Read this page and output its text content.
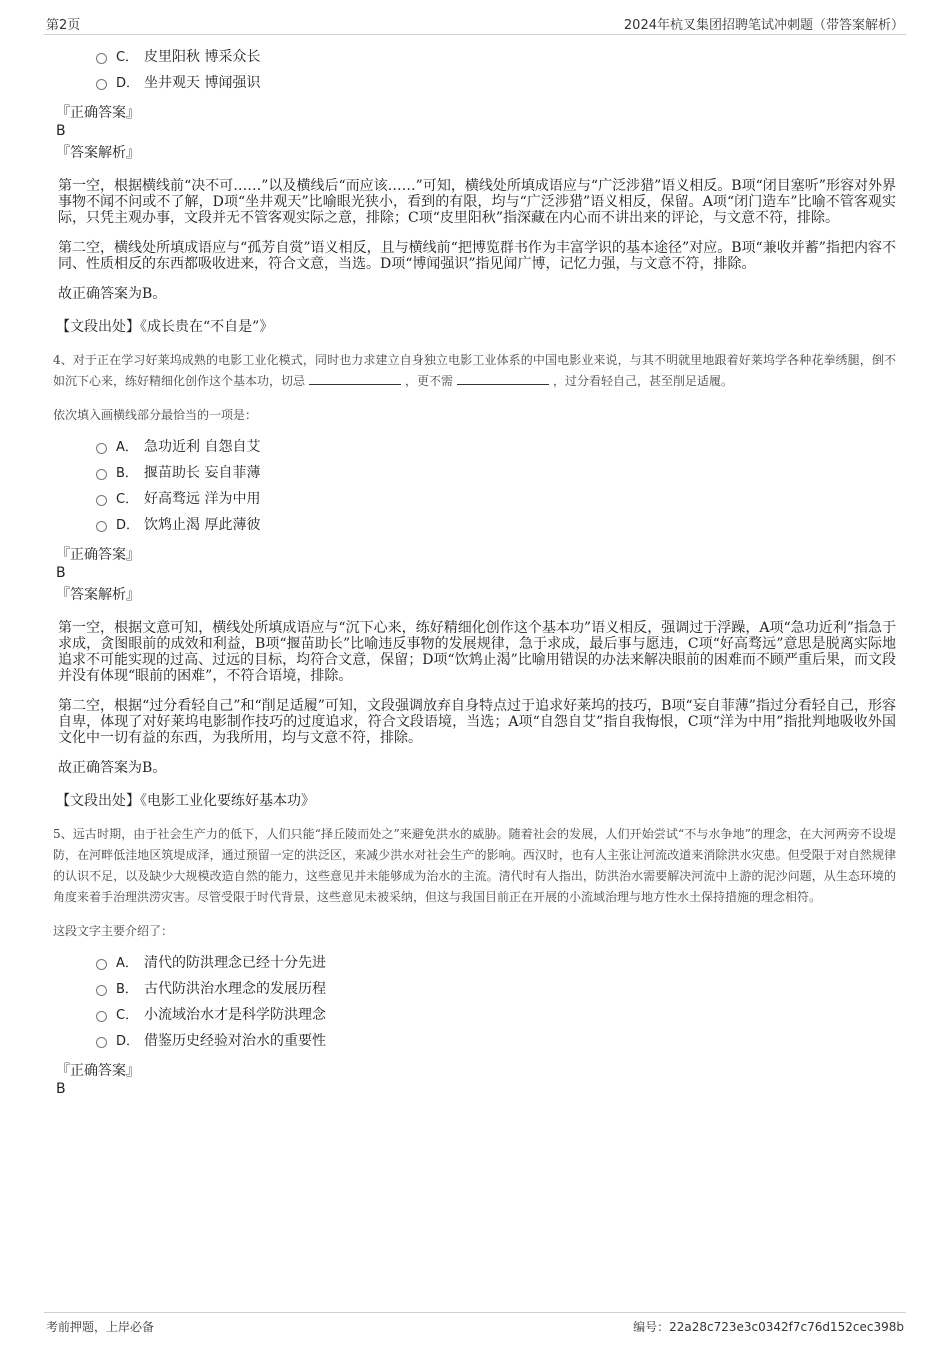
第2页	2024年杭叉集团招聘笔试冲刺题（带答案解析）
C． 皮里阳秋 博采众长
D． 坐井观天 博闻强识
『正确答案』
B
『答案解析』

第一空，根据横线前“决不可……”以及横线后“而应该……”可知，横线处所填成语应与“广泛涉猎”语义相反。B项“闭目塞听”形容对外界事物不闻不问或不了解，D项“坐井观天”比喻眼光狭小，看到的有限，均与“广泛涉猎”语义相反，保留。A项“闭门造车”比喻不管客观实际，只凭主观办事，文段并无不管客观实际之意，排除；C项“皮里阳秋”指深藏在内心而不讲出来的评论，与文意不符，排除。

第二空，横线处所填成语应与“孤芳自赏”语义相反，且与横线前“把博览群书作为丰富学识的基本途径”对应。B项“兼收并蓄”指把内容不同、性质相反的东西都吸收进来，符合文意，当选。D项“博闻强识”指见闻广博，记忆力强，与文意不符，排除。

故正确答案为B。

【文段出处】《成长贵在“不自是”》

4、对于正在学习好莱坞成熟的电影工业化模式，同时也力求建立自身独立电影工业体系的中国电影业来说，与其不明就里地跟着好莱坞学各种花拳绣腿，倒不如沉下心来，练好精细化创作这个基本功，切忌	，更不需	，过分看轻自己，甚至削足适履。

依次填入画横线部分最恰当的一项是：
A． 急功近利 自怨自艾
B． 揠苗助长 妄自菲薄
C． 好高骛远 洋为中用
D． 饮鸩止渴 厚此薄彼
『正确答案』
B
『答案解析』

第一空，根据文意可知，横线处所填成语应与“沉下心来，练好精细化创作这个基本功”语义相反，强调过于浮躁，A项“急功近利”指急于求成，贪图眼前的成效和利益，B项“揠苗助长”比喻违反事物的发展规律，急于求成，最后事与愿违，C项“好高骛远”意思是脱离实际地追求不可能实现的过高、过远的目标，均符合文意，保留；D项“饮鸩止渴”比喻用错误的办法来解决眼前的困难而不顾严重后果，而文段并没有体现“眼前的困难”，不符合语境，排除。

第二空，根据“过分看轻自己”和“削足适履”可知，文段强调放弃自身特点过于追求好莱坞的技巧，B项“妄自菲薄”指过分看轻自己，形容自卑，体现了对好莱坞电影制作技巧的过度追求，符合文段语境，当选；A项“自怨自艾”指自我悔恨，C项“洋为中用”指批判地吸收外国文化中一切有益的东西，为我所用，均与文意不符，排除。

故正确答案为B。

【文段出处】《电影工业化要练好基本功》

5、远古时期，由于社会生产力的低下，人们只能“择丘陵而处之”来避免洪水的威胁。随着社会的发展，人们开始尝试“不与水争地”的理念，在大河两旁不设堤防，在河畔低洼地区筑堤成泽，通过预留一定的洪泛区，来减少洪水对社会生产的影响。西汉时，也有人主张让河流改道来消除洪水灾患。但受限于对自然规律的认识不足，以及缺少大规模改造自然的能力，这些意见并未能够成为治水的主流。清代时有人指出，防洪治水需要解决河流中上游的泥沙问题，从生态环境的角度来着手治理洪涝灾害。尽管受限于时代背景，这些意见未被采纳，但这与我国目前正在开展的小流域治理与地方性水土保持措施的理念相符。

这段文字主要介绍了：
A． 清代的防洪理念已经十分先进
B． 古代防洪治水理念的发展历程
C． 小流域治水才是科学防洪理念
D． 借鉴历史经验对治水的重要性
『正确答案』
B
考前押题，上岸必备	编号：22a28c723e3c0342f7c76d152cec398b
